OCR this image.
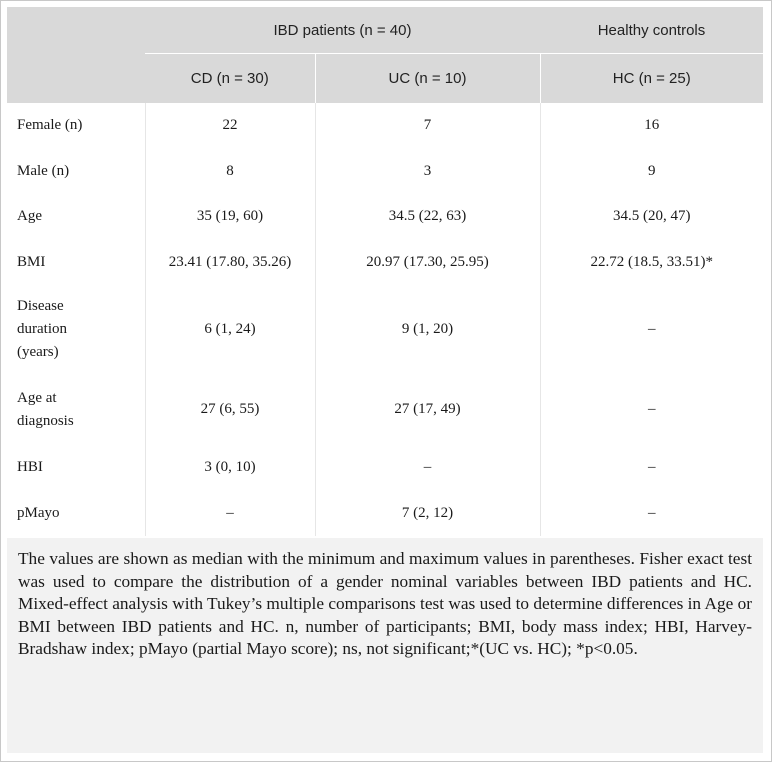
	IBD patients (n = 40)		Healthy controls
	CD (n = 30)	UC (n = 10)	HC (n = 25)
Female (n)	22	7	16
Male (n)	8	3	9
Age	35 (19, 60)	34.5 (22, 63)	34.5 (20, 47)
BMI	23.41 (17.80, 35.26)	20.97 (17.30, 25.95)	22.72 (18.5, 33.51)*
Disease duration (years)	6 (1, 24)	9 (1, 20)	–
Age at diagnosis	27 (6, 55)	27 (17, 49)	–
HBI	3 (0, 10)	–	–
pMayo	–	7 (2, 12)	–
The values are shown as median with the minimum and maximum values in parentheses. Fisher exact test was used to compare the distribution of a gender nominal variables between IBD patients and HC. Mixed-effect analysis with Tukey’s multiple comparisons test was used to determine differences in Age or BMI between IBD patients and HC. n, number of participants; BMI, body mass index; HBI, Harvey-Bradshaw index; pMayo (partial Mayo score); ns, not significant;*(UC vs. HC); *p<0.05.
